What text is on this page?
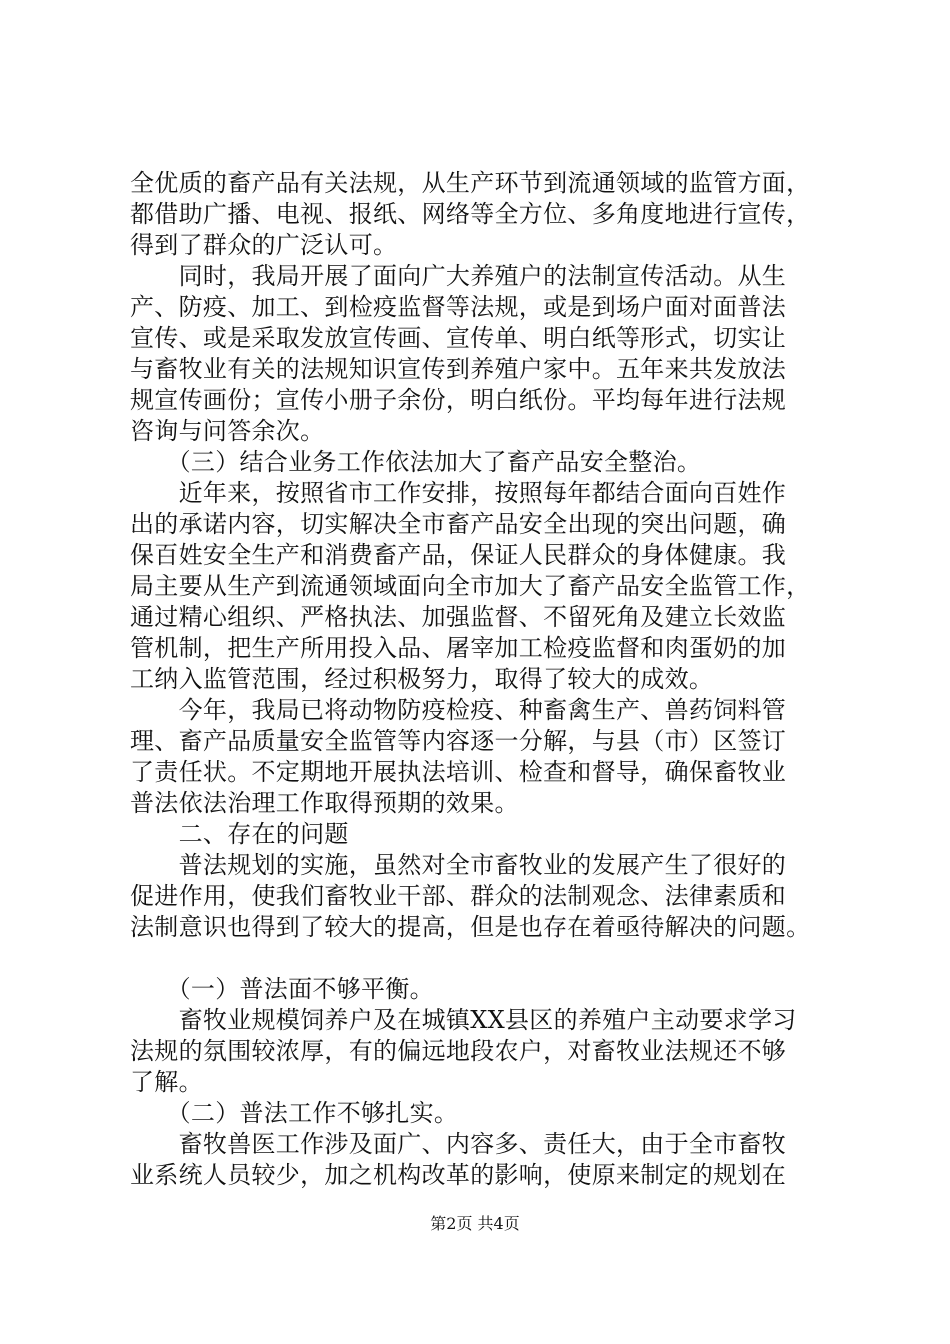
全优质的畜产品有关法规，从生产环节到流通领域的监管方面，
都借助广播、电视、报纸、网络等全方位、多角度地进行宣传，
得到了群众的广泛认可。
　　同时，我局开展了面向广大养殖户的法制宣传活动。从生
产、防疫、加工、到检疫监督等法规，或是到场户面对面普法
宣传、或是采取发放宣传画、宣传单、明白纸等形式，切实让
与畜牧业有关的法规知识宣传到养殖户家中。五年来共发放法
规宣传画份；宣传小册子余份，明白纸份。平均每年进行法规
咨询与问答余次。
　　（三）结合业务工作依法加大了畜产品安全整治。
　　近年来，按照省市工作安排，按照每年都结合面向百姓作
出的承诺内容，切实解决全市畜产品安全出现的突出问题，确
保百姓安全生产和消费畜产品，保证人民群众的身体健康。我
局主要从生产到流通领域面向全市加大了畜产品安全监管工作，
通过精心组织、严格执法、加强监督、不留死角及建立长效监
管机制，把生产所用投入品、屠宰加工检疫监督和肉蛋奶的加
工纳入监管范围，经过积极努力，取得了较大的成效。
　　今年，我局已将动物防疫检疫、种畜禽生产、兽药饲料管
理、畜产品质量安全监管等内容逐一分解，与县（市）区签订
了责任状。不定期地开展执法培训、检查和督导，确保畜牧业
普法依法治理工作取得预期的效果。
　　二、存在的问题
　　普法规划的实施，虽然对全市畜牧业的发展产生了很好的
促进作用，使我们畜牧业干部、群众的法制观念、法律素质和
法制意识也得到了较大的提高，但是也存在着亟待解决的问题。
　　（一）普法面不够平衡。
　　畜牧业规模饲养户及在城镇XX县区的养殖户主动要求学习
法规的氛围较浓厚，有的偏远地段农户，对畜牧业法规还不够
了解。
　　（二）普法工作不够扎实。
　　畜牧兽医工作涉及面广、内容多、责任大，由于全市畜牧
业系统人员较少，加之机构改革的影响，使原来制定的规划在
第2页 共4页
